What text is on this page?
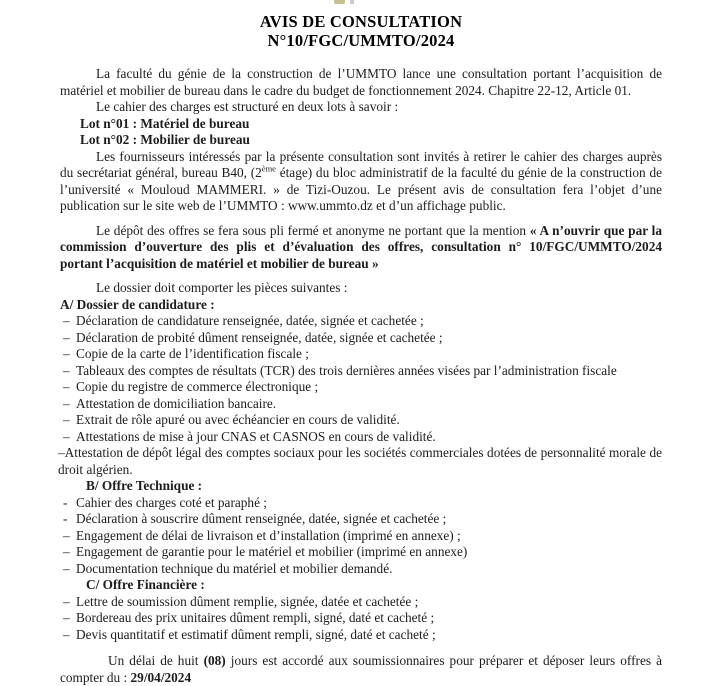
AVIS DE CONSULTATION
N°10/FGC/UMMTO/2024

La faculté du génie de la construction de l’UMMTO lance une consultation portant l’acquisition de matériel et mobilier de bureau dans le cadre du budget de fonctionnement 2024. Chapitre 22-12, Article 01.

Le cahier des charges est structuré en deux lots à savoir :

Lot n°01 : Matériel de bureau

Lot n°02 : Mobilier de bureau

Les fournisseurs intéressés par la présente consultation sont invités à retirer le cahier des charges auprès du secrétariat général, bureau B40, (2ème étage) du bloc administratif de la faculté du génie de la construction de l’université « Mouloud MAMMERI. » de Tizi-Ouzou. Le présent avis de consultation fera l’objet d’une publication sur le site web de l’UMMTO : www.ummto.dz et d’un affichage public.

Le dépôt des offres se fera sous pli fermé et anonyme ne portant que la mention « A n’ouvrir que par la commission d’ouverture des plis et d’évaluation des offres, consultation n° 10/FGC/UMMTO/2024 portant l’acquisition de matériel et mobilier de bureau »

Le dossier doit comporter les pièces suivantes :

A/ Dossier de candidature :

– Déclaration de candidature renseignée, datée, signée et cachetée ;
– Déclaration de probité dûment renseignée, datée, signée et cachetée ;
– Copie de la carte de l’identification fiscale ;
– Tableaux des comptes de résultats (TCR) des trois dernières années visées par l’administration fiscale
– Copie du registre de commerce électronique ;
– Attestation de domiciliation bancaire.
– Extrait de rôle apuré ou avec échéancier en cours de validité.
– Attestations de mise à jour CNAS et CASNOS en cours de validité.

–Attestation de dépôt légal des comptes sociaux pour les sociétés commerciales dotées de personnalité morale de droit algérien.

B/ Offre Technique :

- Cahier des charges coté et paraphé ;
- Déclaration à souscrire dûment renseignée, datée, signée et cachetée ;
– Engagement de délai de livraison et d’installation (imprimé en annexe) ;
– Engagement de garantie pour le matériel et mobilier (imprimé en annexe)
– Documentation technique du matériel et mobilier demandé.

C/ Offre Financière :

– Lettre de soumission dûment remplie, signée, datée et cachetée ;
– Bordereau des prix unitaires dûment rempli, signé, daté et cacheté ;
– Devis quantitatif et estimatif dûment rempli, signé, daté et cacheté ;

Un délai de huit (08) jours est accordé aux soumissionnaires pour préparer et déposer leurs offres à compter du : 29/04/2024
